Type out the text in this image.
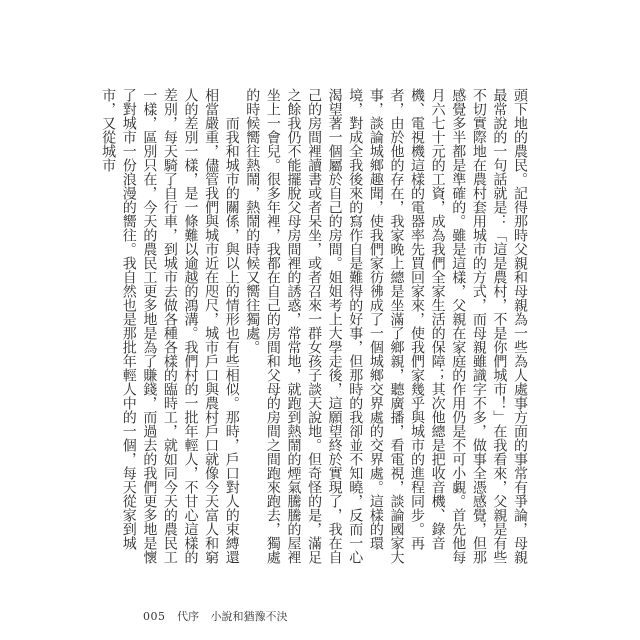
頭下地的農民。記得那時父親和母親為一些為人處事方面的事常有爭論，母親最常說的一句話就是：「這是農村，不是你們城市！」在我看來，父親是有些不切實際地在農村套用城市的方式，而母親雖識字不多，做事全憑感覺，但那感覺多半都是準確的。雖是這樣，父親在家庭的作用仍是不可小覷。首先他每月六七十元的工資，成為我們全家生活的保障；其次他總是把收音機、錄音機、電視機這樣的電器率先買回家來，使我們家幾乎與城市的進程同步。再者，由於他的存在，我家晚上總是坐滿了鄉親，聽廣播，看電視，談論國家大事，談論城鄉趣聞，使我們家彷彿成了一個城鄉交界處的交界處。這樣的環境，對成全我後來的寫作自是難得的好事，但那時的我卻並不知曉，反而一心渴望著一個屬於自己的房間。姐姐考上大學走後，這願望終於實現了，我在自己的房間裡讀書或者呆坐，或者召來一群女孩子談天說地。但奇怪的是，滿足之餘我仍不能擺脫父母房間裡的誘惑，常常地，就跑到熱鬧的煙氣騰騰的屋裡坐上一會兒。很多年裡，我都在自己的房間和父母的房間之間跑來跑去，獨處的時候嚮往熱鬧，熱鬧的時候又嚮往獨處。

而我和城市的關係，與以上的情形也有些相似。那時，戶口對人的束縛還相當嚴重，儘管我們與城市近在咫尺，城市戶口與農村戶口就像今天富人和窮人的差別一樣，是一條難以逾越的鴻溝。我們村的一批年輕人，不甘心這樣的差別，每天騎了自行車，到城市去做各種各樣的臨時工，就如同今天的農民工一樣，區別只在，今天的農民工更多地是為了賺錢，而過去的我們更多地是懷了對城市一份浪漫的嚮往。我自然也是那批年輕人中的一個，每天從家到城市，又從城市

005 代序 小說和猶豫不決
